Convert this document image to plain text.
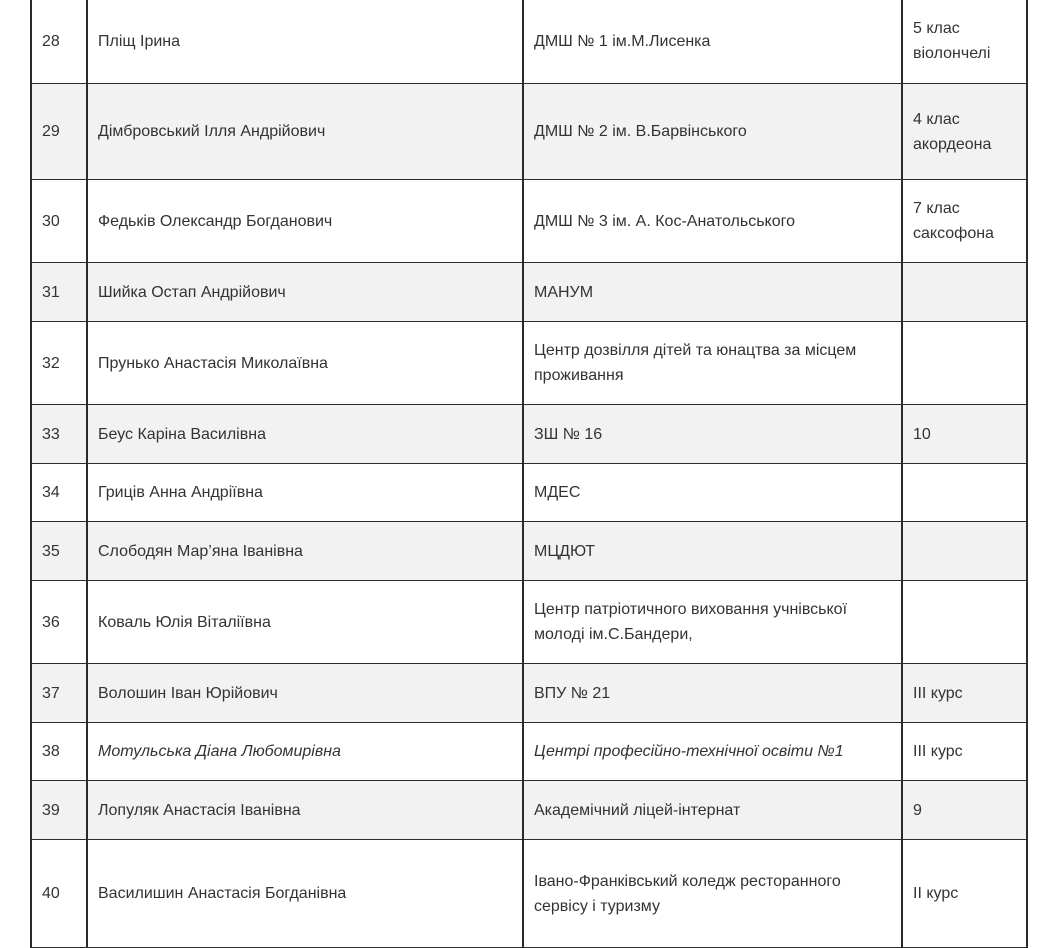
28	Пліщ Ірина	ДМШ № 1 ім.М.Лисенка	5 клас віолончелі
29	Дімбровський Ілля Андрійович	ДМШ № 2 ім. В.Барвінського	4 клас акордеона
30	Федьків Олександр Богданович	ДМШ № 3 ім. А. Кос-Анатольського	7 клас саксофона
31	Шийка Остап Андрійович	МАНУМ	
32	Прунько Анастасія Миколаївна	Центр дозвілля дітей та юнацтва за місцем проживання	
33	Беус Каріна Василівна	ЗШ № 16	10
34	Гриців Анна Андріївна	МДЕС	
35	Слободян Мар’яна Іванівна	МЦДЮТ	
36	Коваль Юлія Віталіївна	Центр патріотичного виховання учнівської молоді ім.С.Бандери,	
37	Волошин Іван Юрійович	ВПУ № 21	ІІІ курс
38	Мотульська Діана Любомирівна	Центрі професійно-технічної освіти №1	ІІІ курс
39	Лопуляк Анастасія Іванівна	Академічний ліцей-інтернат	9
40	Василишин Анастасія Богданівна	Івано-Франківський коледж ресторанного сервісу і туризму	ІІ курс
